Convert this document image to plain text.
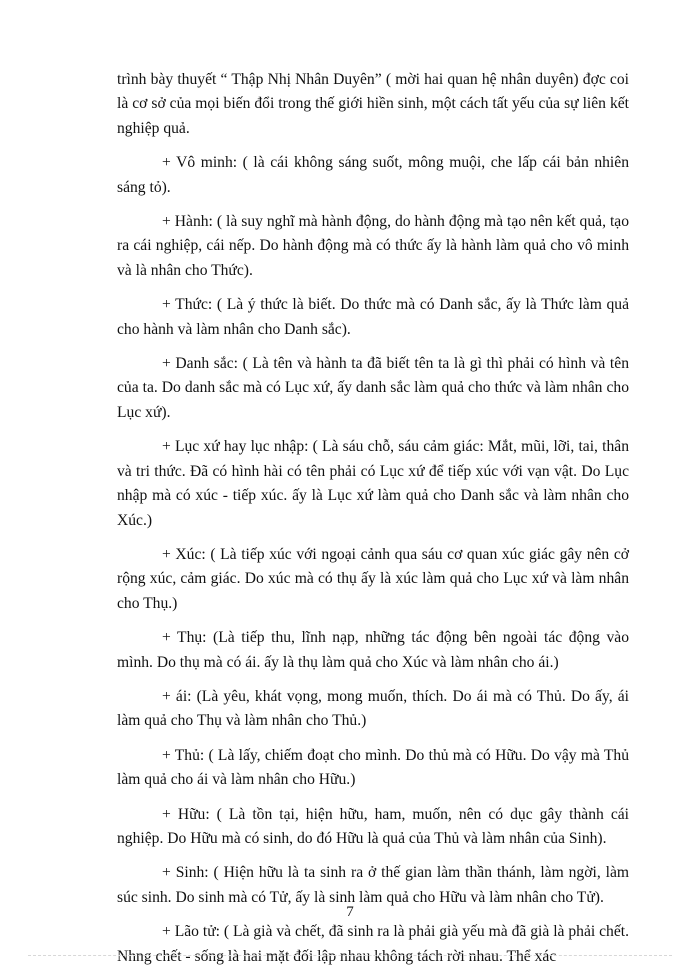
trình bày thuyết “ Thập Nhị Nhân Duyên” ( mời hai quan hệ nhân duyên) đợc coi là cơ sở của mọi biến đổi trong thế giới hiền sinh, một cách tất yếu của sự liên kết nghiệp quả.

+ Vô minh: ( là cái không sáng suốt, mông muội, che lấp cái bản nhiên sáng tỏ).

+ Hành: ( là suy nghĩ mà hành động, do hành động mà tạo nên kết quả, tạo ra cái nghiệp, cái nếp. Do hành động mà có thức ấy là hành làm quả cho vô minh và là nhân cho Thức).

+ Thức: ( Là ý thức là biết. Do thức mà có Danh sắc, ấy là Thức làm quả cho hành và làm nhân cho Danh sắc).

+ Danh sắc: ( Là tên và hành ta đã biết tên ta là gì thì phải có hình và tên của ta. Do danh sắc mà có Lục xứ, ấy danh sắc làm quả cho thức và làm nhân cho Lục xứ).

+ Lục xứ hay lục nhập: ( Là sáu chỗ, sáu cảm giác: Mắt, mũi, lỡi, tai, thân và tri thức. Đã có hình hài có tên phải có Lục xứ để tiếp xúc với vạn vật. Do Lục nhập mà có xúc - tiếp xúc. ấy là Lục xứ làm quả cho Danh sắc và làm nhân cho Xúc.)

+ Xúc: ( Là tiếp xúc với ngoại cảnh qua sáu cơ quan xúc giác gây nên cở rộng xúc, cảm giác. Do xúc mà có thụ ấy là xúc làm quả cho Lục xứ và làm nhân cho Thụ.)

+ Thụ: (Là tiếp thu, lĩnh nạp, những tác động bên ngoài tác động vào mình. Do thụ mà có ái. ấy là thụ làm quả cho Xúc và làm nhân cho ái.)

+ ái: (Là yêu, khát vọng, mong muốn, thích. Do ái mà có Thủ. Do ấy, ái làm quả cho Thụ và làm nhân cho Thủ.)

+ Thủ: ( Là lấy, chiếm đoạt cho mình. Do thủ mà có Hữu. Do vậy mà Thủ làm quả cho ái và làm nhân cho Hữu.)

+ Hữu: ( Là tồn tại, hiện hữu, ham, muốn, nên có dục gây thành cái nghiệp. Do Hữu mà có sinh, do đó Hữu là quả của Thủ và làm nhân của Sinh).

+ Sinh: ( Hiện hữu là ta sinh ra ở thế gian làm thần thánh, làm ngời, làm súc sinh. Do sinh mà có Tử, ấy là sinh làm quả cho Hữu và làm nhân cho Tử).

+ Lão tử: ( Là già và chết, đã sinh ra là phải già yếu mà đã già là phải chết. Nhng chết - sống là hai mặt đối lập nhau không tách rời nhau. Thể xác

7
